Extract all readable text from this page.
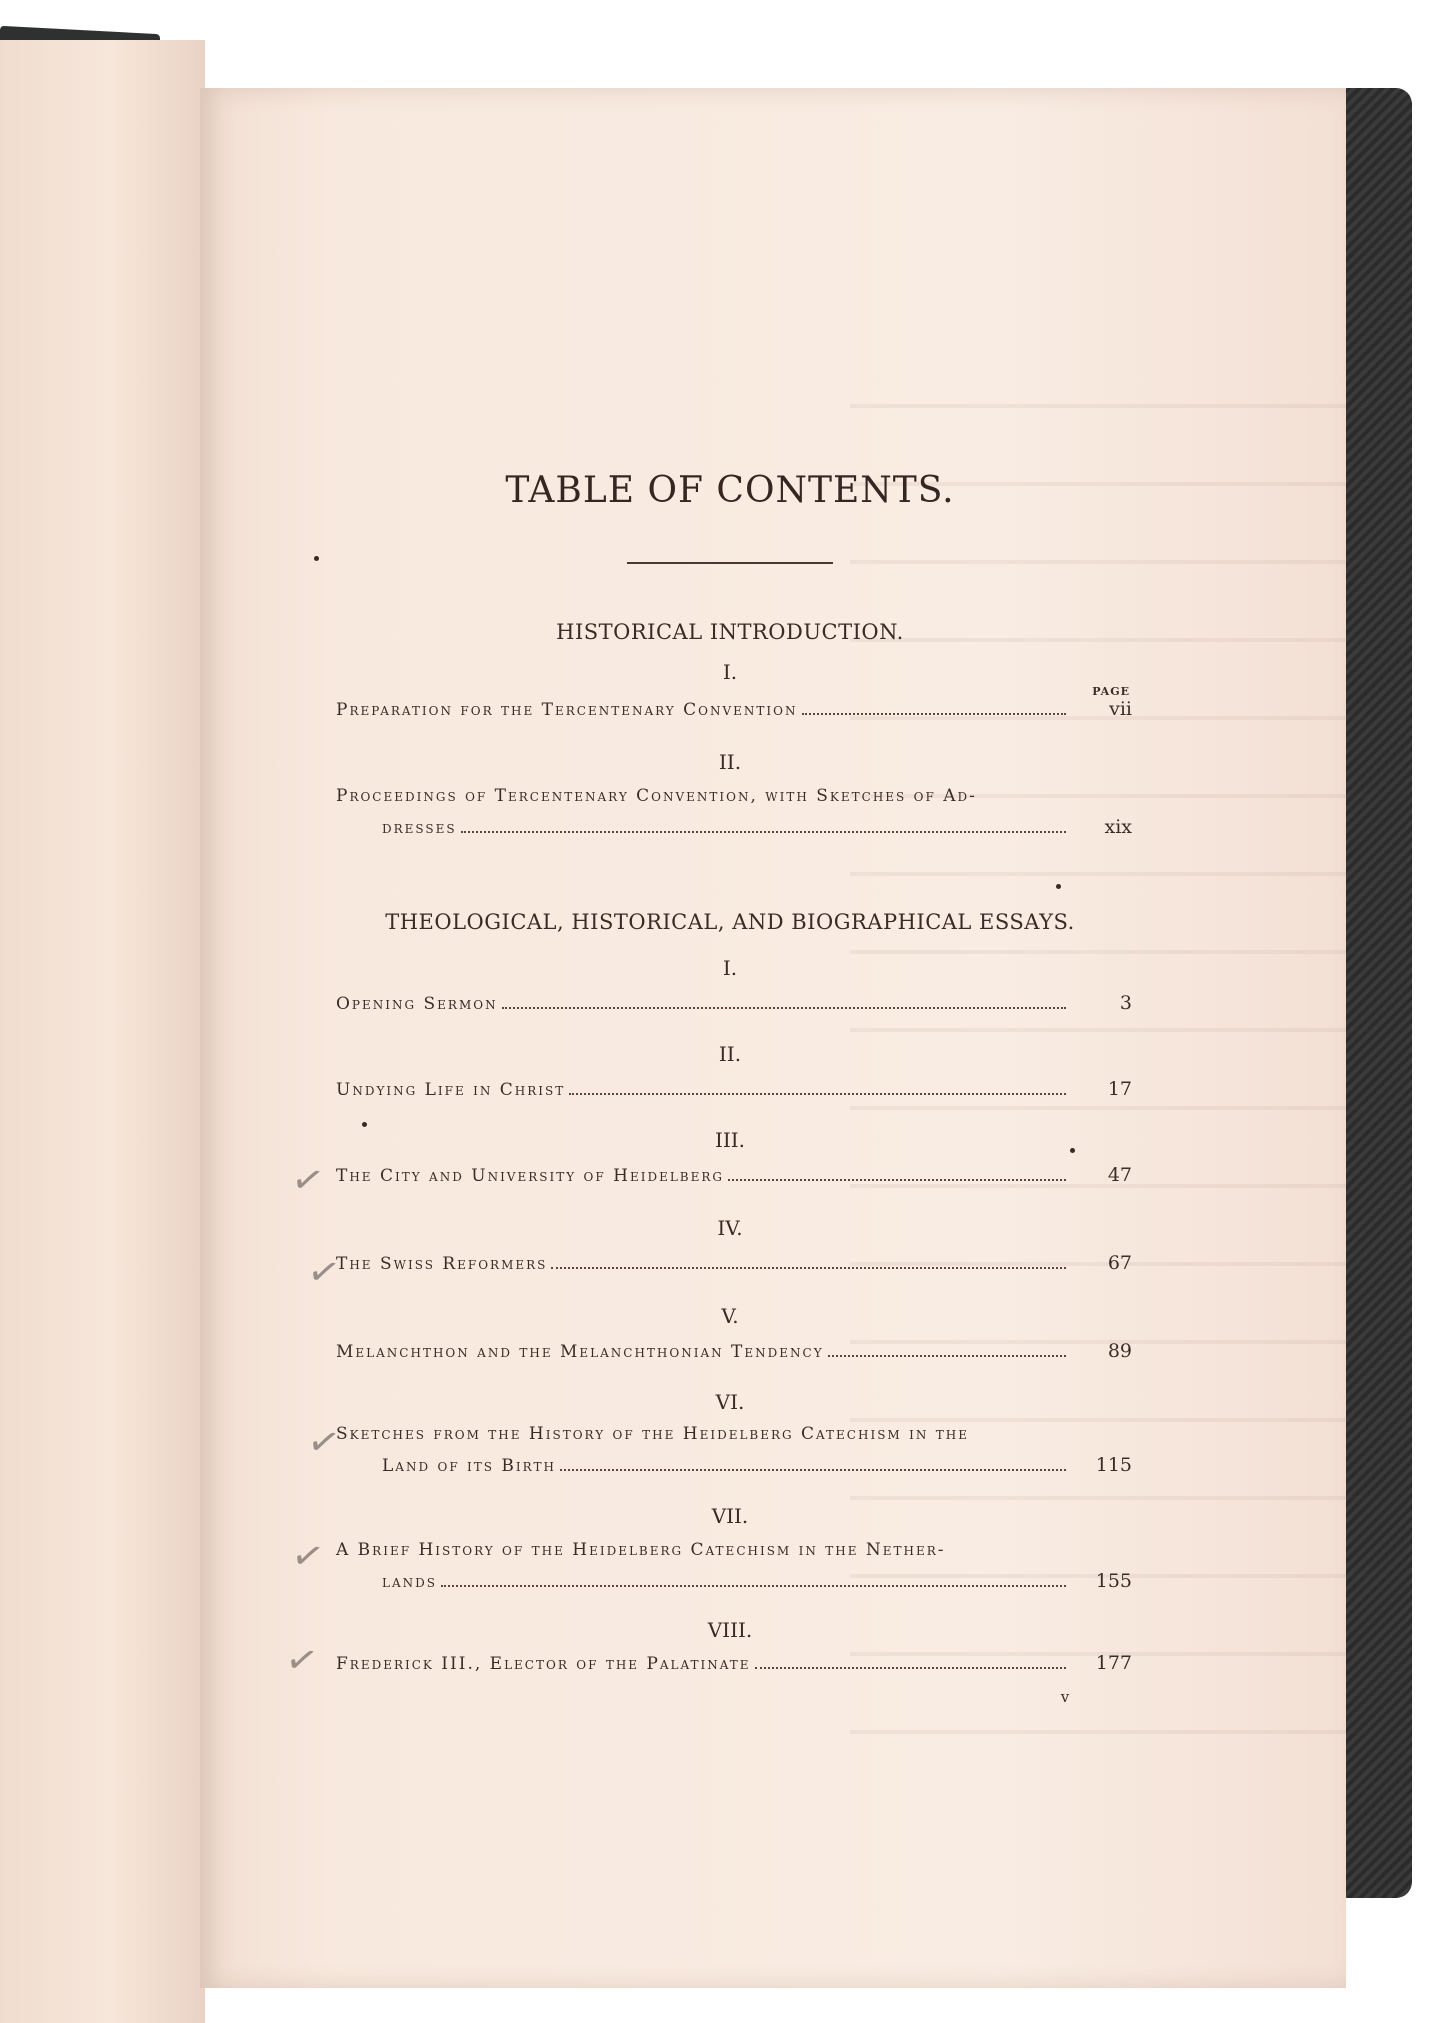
TABLE OF CONTENTS.
HISTORICAL INTRODUCTION.
I.
PAGE
Preparation for the Tercentenary Convention	vii
II.
Proceedings of Tercentenary Convention, with Sketches of Ad-
dresses	xix
THEOLOGICAL, HISTORICAL, AND BIOGRAPHICAL ESSAYS.
I.
Opening Sermon	3
II.
Undying Life in Christ	17
III.
The City and University of Heidelberg	47
IV.
The Swiss Reformers	67
V.
Melanchthon and the Melanchthonian Tendency	89
VI.
Sketches from the History of the Heidelberg Catechism in the
Land of its Birth	115
VII.
A Brief History of the Heidelberg Catechism in the Nether-
lands	155
VIII.
Frederick III., Elector of the Palatinate	177
v
✓
✓
✓
✓
✓
